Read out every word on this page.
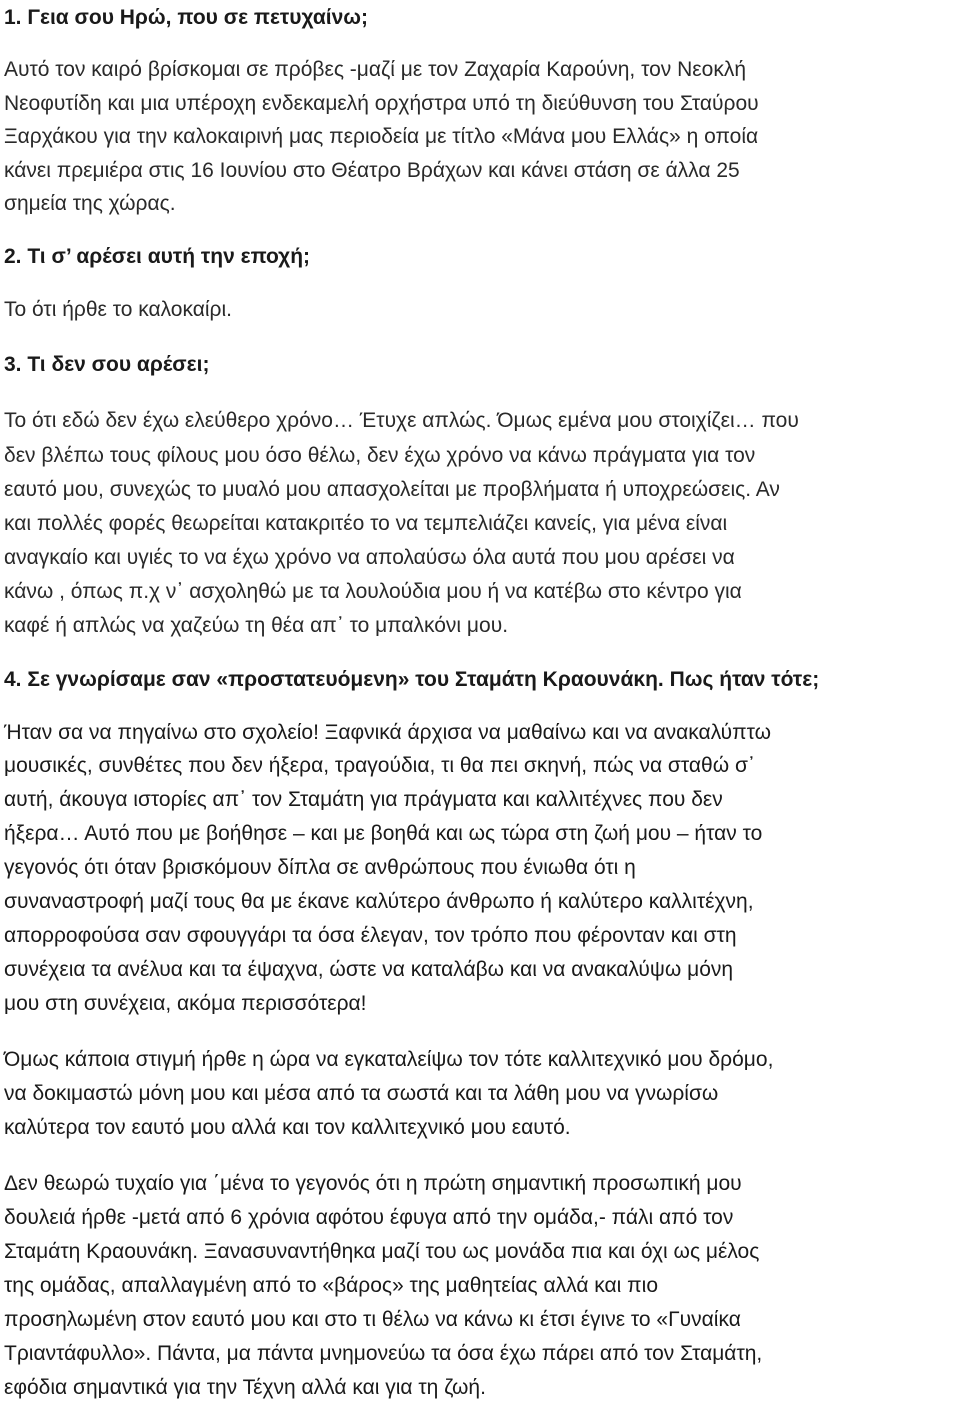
1. Γεια σου Ηρώ, που σε πετυχαίνω;
Αυτό τον καιρό βρίσκομαι σε πρόβες -μαζί με τον Ζαχαρία Καρούνη, τον Νεοκλή
Νεοφυτίδη και μια υπέροχη ενδεκαμελή ορχήστρα υπό τη διεύθυνση του Σταύρου
Ξαρχάκου για την καλοκαιρινή μας περιοδεία με τίτλο «Μάνα μου Ελλάς» η οποία
κάνει πρεμιέρα στις 16 Ιουνίου στο Θέατρο Βράχων και κάνει στάση σε άλλα 25
σημεία της χώρας.
2. Τι σ’ αρέσει αυτή την εποχή;
Το ότι ήρθε το καλοκαίρι.
3. Τι δεν σου αρέσει;
Το ότι εδώ δεν έχω ελεύθερο χρόνο… Έτυχε απλώς. Όμως εμένα μου στοιχίζει… που
δεν βλέπω τους φίλους μου όσο θέλω, δεν έχω χρόνο να κάνω πράγματα για τον
εαυτό μου, συνεχώς το μυαλό μου απασχολείται με προβλήματα ή υποχρεώσεις. Αν
και πολλές φορές θεωρείται κατακριτέο το να τεμπελιάζει κανείς, για μένα είναι
αναγκαίο και υγιές το να έχω χρόνο να απολαύσω όλα αυτά που μου αρέσει να
κάνω , όπως π.χ ν᾽ ασχοληθώ με τα λουλούδια μου ή να κατέβω στο κέντρο για
καφέ ή απλώς να χαζεύω τη θέα απ᾽ το μπαλκόνι μου.
4. Σε γνωρίσαμε σαν «προστατευόμενη» του Σταμάτη Κραουνάκη. Πως ήταν τότε;
Ήταν σα να πηγαίνω στο σχολείο! Ξαφνικά άρχισα να μαθαίνω και να ανακαλύπτω
μουσικές, συνθέτες που δεν ήξερα, τραγούδια, τι θα πει σκηνή, πώς να σταθώ σ᾽
αυτή, άκουγα ιστορίες απ᾽ τον Σταμάτη για πράγματα και καλλιτέχνες που δεν
ήξερα… Αυτό που με βοήθησε – και με βοηθά και ως τώρα στη ζωή μου – ήταν το
γεγονός ότι όταν βρισκόμουν δίπλα σε ανθρώπους που ένιωθα ότι η
συναναστροφή μαζί τους θα με έκανε καλύτερο άνθρωπο ή καλύτερο καλλιτέχνη,
απορροφούσα σαν σφουγγάρι τα όσα έλεγαν, τον τρόπο που φέρονταν και στη
συνέχεια τα ανέλυα και τα έψαχνα, ώστε να καταλάβω και να ανακαλύψω μόνη
μου στη συνέχεια, ακόμα περισσότερα!
Όμως κάποια στιγμή ήρθε η ώρα να εγκαταλείψω τον τότε καλλιτεχνικό μου δρόμο,
να δοκιμαστώ μόνη μου και μέσα από τα σωστά και τα λάθη μου να γνωρίσω
καλύτερα τον εαυτό μου αλλά και τον καλλιτεχνικό μου εαυτό.
Δεν θεωρώ τυχαίο για ΄μένα το γεγονός ότι η πρώτη σημαντική προσωπική μου
δουλειά ήρθε -μετά από 6 χρόνια αφότου έφυγα από την ομάδα,- πάλι από τον
Σταμάτη Κραουνάκη. Ξανασυναντήθηκα μαζί του ως μονάδα πια και όχι ως μέλος
της ομάδας, απαλλαγμένη από το «βάρος» της μαθητείας αλλά και πιο
προσηλωμένη στον εαυτό μου και στο τι θέλω να κάνω κι έτσι έγινε το «Γυναίκα
Τριαντάφυλλο». Πάντα, μα πάντα μνημονεύω τα όσα έχω πάρει από τον Σταμάτη,
εφόδια σημαντικά για την Τέχνη αλλά και για τη ζωή.
